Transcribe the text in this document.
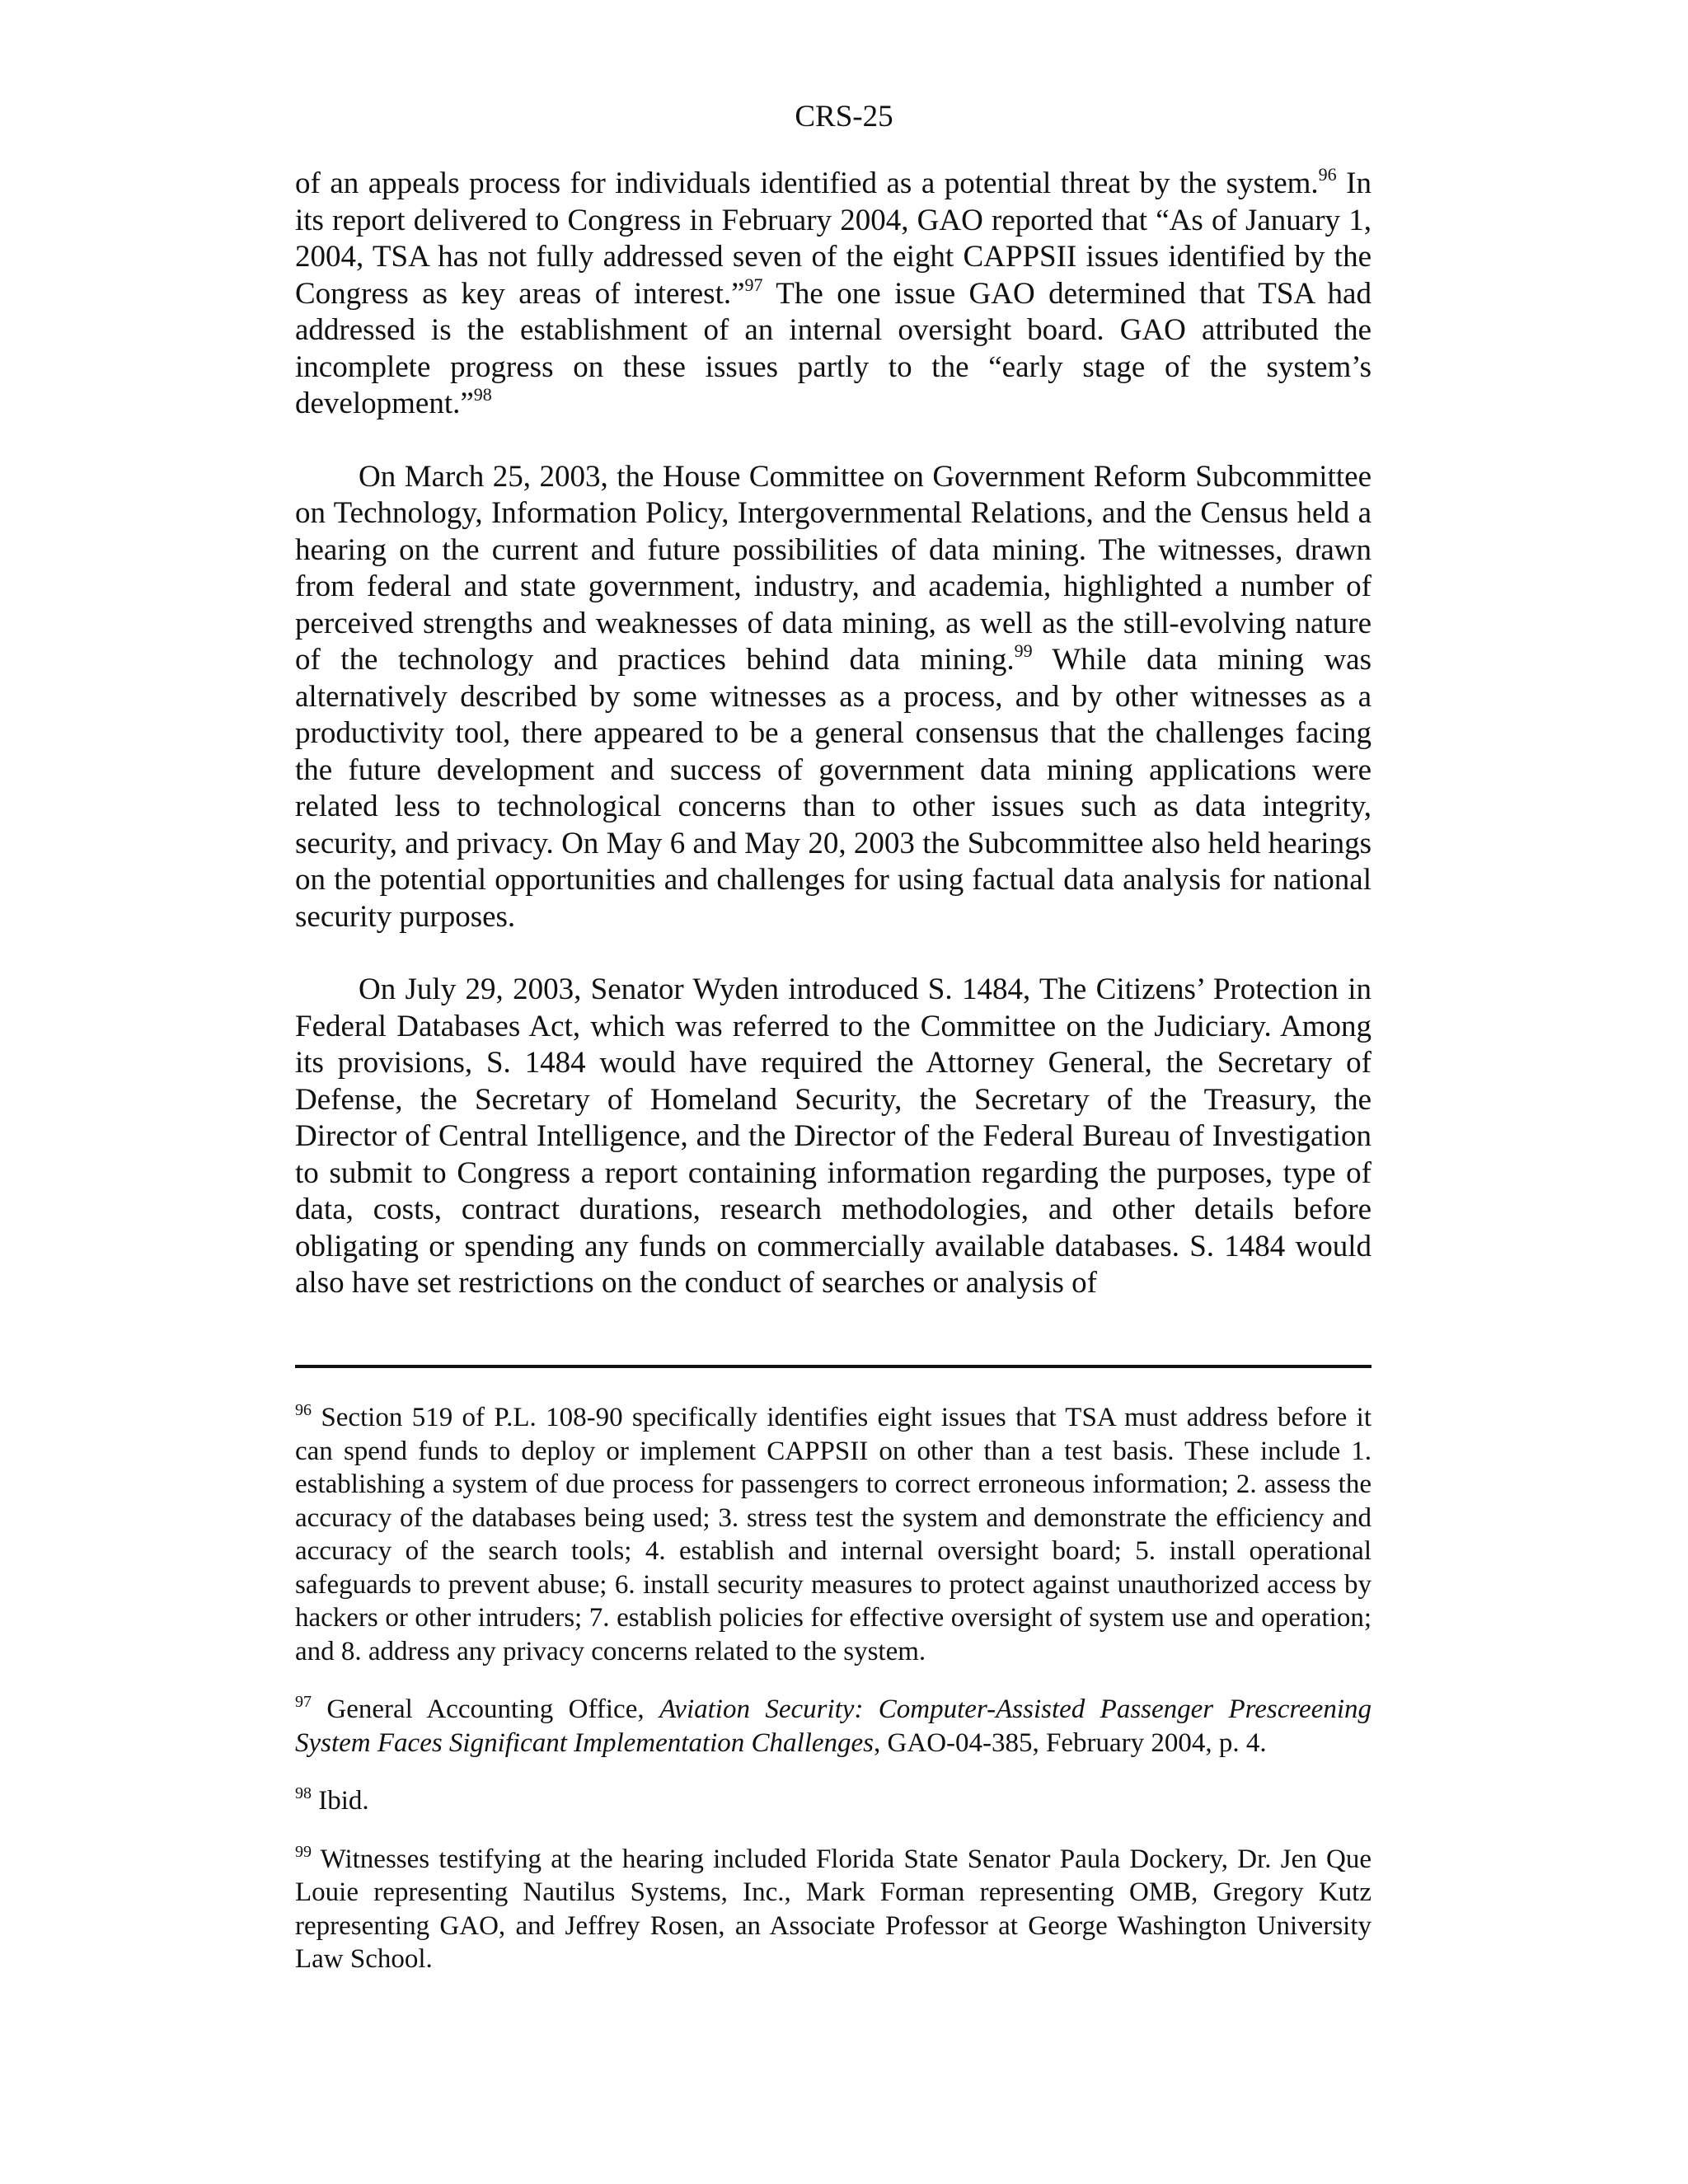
CRS-25

of an appeals process for individuals identified as a potential threat by the system.$^{96}$ In its report delivered to Congress in February 2004, GAO reported that “As of January 1, 2004, TSA has not fully addressed seven of the eight CAPPSII issues identified by the Congress as key areas of interest.”$^{97}$ The one issue GAO determined that TSA had addressed is the establishment of an internal oversight board. GAO attributed the incomplete progress on these issues partly to the “early stage of the system’s development.”$^{98}$

On March 25, 2003, the House Committee on Government Reform Subcommittee on Technology, Information Policy, Intergovernmental Relations, and the Census held a hearing on the current and future possibilities of data mining. The witnesses, drawn from federal and state government, industry, and academia, highlighted a number of perceived strengths and weaknesses of data mining, as well as the still-evolving nature of the technology and practices behind data mining.$^{99}$ While data mining was alternatively described by some witnesses as a process, and by other witnesses as a productivity tool, there appeared to be a general consensus that the challenges facing the future development and success of government data mining applications were related less to technological concerns than to other issues such as data integrity, security, and privacy. On May 6 and May 20, 2003 the Subcommittee also held hearings on the potential opportunities and challenges for using factual data analysis for national security purposes.

On July 29, 2003, Senator Wyden introduced S. 1484, The Citizens’ Protection in Federal Databases Act, which was referred to the Committee on the Judiciary. Among its provisions, S. 1484 would have required the Attorney General, the Secretary of Defense, the Secretary of Homeland Security, the Secretary of the Treasury, the Director of Central Intelligence, and the Director of the Federal Bureau of Investigation to submit to Congress a report containing information regarding the purposes, type of data, costs, contract durations, research methodologies, and other details before obligating or spending any funds on commercially available databases. S. 1484 would also have set restrictions on the conduct of searches or analysis of

$^{96}$ Section 519 of P.L. 108-90 specifically identifies eight issues that TSA must address before it can spend funds to deploy or implement CAPPSII on other than a test basis. These include 1. establishing a system of due process for passengers to correct erroneous information; 2. assess the accuracy of the databases being used; 3. stress test the system and demonstrate the efficiency and accuracy of the search tools; 4. establish and internal oversight board; 5. install operational safeguards to prevent abuse; 6. install security measures to protect against unauthorized access by hackers or other intruders; 7. establish policies for effective oversight of system use and operation; and 8. address any privacy concerns related to the system.

$^{97}$ General Accounting Office, Aviation Security: Computer-Assisted Passenger Prescreening System Faces Significant Implementation Challenges, GAO-04-385, February 2004, p. 4.

$^{98}$ Ibid.

$^{99}$ Witnesses testifying at the hearing included Florida State Senator Paula Dockery, Dr. Jen Que Louie representing Nautilus Systems, Inc., Mark Forman representing OMB, Gregory Kutz representing GAO, and Jeffrey Rosen, an Associate Professor at George Washington University Law School.
